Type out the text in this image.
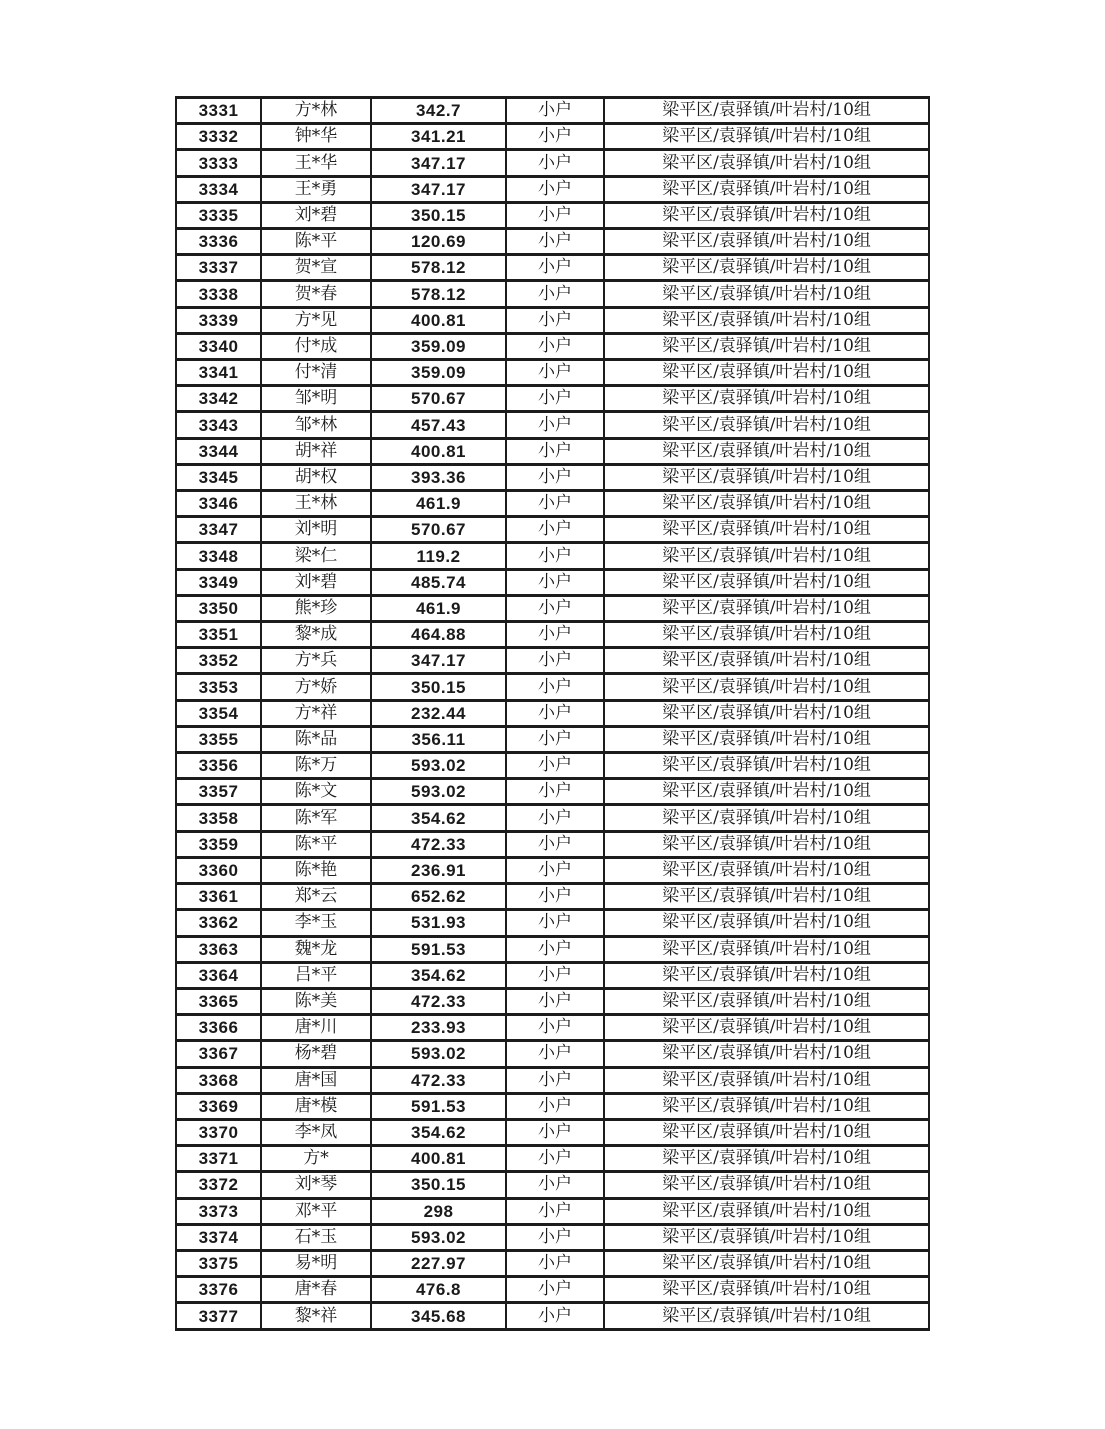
3331	方*林	342.7	小户	梁平区/袁驿镇/叶岩村/10组
3332	钟*华	341.21	小户	梁平区/袁驿镇/叶岩村/10组
3333	王*华	347.17	小户	梁平区/袁驿镇/叶岩村/10组
3334	王*勇	347.17	小户	梁平区/袁驿镇/叶岩村/10组
3335	刘*碧	350.15	小户	梁平区/袁驿镇/叶岩村/10组
3336	陈*平	120.69	小户	梁平区/袁驿镇/叶岩村/10组
3337	贺*宣	578.12	小户	梁平区/袁驿镇/叶岩村/10组
3338	贺*春	578.12	小户	梁平区/袁驿镇/叶岩村/10组
3339	方*见	400.81	小户	梁平区/袁驿镇/叶岩村/10组
3340	付*成	359.09	小户	梁平区/袁驿镇/叶岩村/10组
3341	付*清	359.09	小户	梁平区/袁驿镇/叶岩村/10组
3342	邹*明	570.67	小户	梁平区/袁驿镇/叶岩村/10组
3343	邹*林	457.43	小户	梁平区/袁驿镇/叶岩村/10组
3344	胡*祥	400.81	小户	梁平区/袁驿镇/叶岩村/10组
3345	胡*权	393.36	小户	梁平区/袁驿镇/叶岩村/10组
3346	王*林	461.9	小户	梁平区/袁驿镇/叶岩村/10组
3347	刘*明	570.67	小户	梁平区/袁驿镇/叶岩村/10组
3348	梁*仁	119.2	小户	梁平区/袁驿镇/叶岩村/10组
3349	刘*碧	485.74	小户	梁平区/袁驿镇/叶岩村/10组
3350	熊*珍	461.9	小户	梁平区/袁驿镇/叶岩村/10组
3351	黎*成	464.88	小户	梁平区/袁驿镇/叶岩村/10组
3352	方*兵	347.17	小户	梁平区/袁驿镇/叶岩村/10组
3353	方*娇	350.15	小户	梁平区/袁驿镇/叶岩村/10组
3354	方*祥	232.44	小户	梁平区/袁驿镇/叶岩村/10组
3355	陈*品	356.11	小户	梁平区/袁驿镇/叶岩村/10组
3356	陈*万	593.02	小户	梁平区/袁驿镇/叶岩村/10组
3357	陈*文	593.02	小户	梁平区/袁驿镇/叶岩村/10组
3358	陈*军	354.62	小户	梁平区/袁驿镇/叶岩村/10组
3359	陈*平	472.33	小户	梁平区/袁驿镇/叶岩村/10组
3360	陈*艳	236.91	小户	梁平区/袁驿镇/叶岩村/10组
3361	郑*云	652.62	小户	梁平区/袁驿镇/叶岩村/10组
3362	李*玉	531.93	小户	梁平区/袁驿镇/叶岩村/10组
3363	魏*龙	591.53	小户	梁平区/袁驿镇/叶岩村/10组
3364	吕*平	354.62	小户	梁平区/袁驿镇/叶岩村/10组
3365	陈*美	472.33	小户	梁平区/袁驿镇/叶岩村/10组
3366	唐*川	233.93	小户	梁平区/袁驿镇/叶岩村/10组
3367	杨*碧	593.02	小户	梁平区/袁驿镇/叶岩村/10组
3368	唐*国	472.33	小户	梁平区/袁驿镇/叶岩村/10组
3369	唐*模	591.53	小户	梁平区/袁驿镇/叶岩村/10组
3370	李*凤	354.62	小户	梁平区/袁驿镇/叶岩村/10组
3371	方*	400.81	小户	梁平区/袁驿镇/叶岩村/10组
3372	刘*琴	350.15	小户	梁平区/袁驿镇/叶岩村/10组
3373	邓*平	298	小户	梁平区/袁驿镇/叶岩村/10组
3374	石*玉	593.02	小户	梁平区/袁驿镇/叶岩村/10组
3375	易*明	227.97	小户	梁平区/袁驿镇/叶岩村/10组
3376	唐*春	476.8	小户	梁平区/袁驿镇/叶岩村/10组
3377	黎*祥	345.68	小户	梁平区/袁驿镇/叶岩村/10组
